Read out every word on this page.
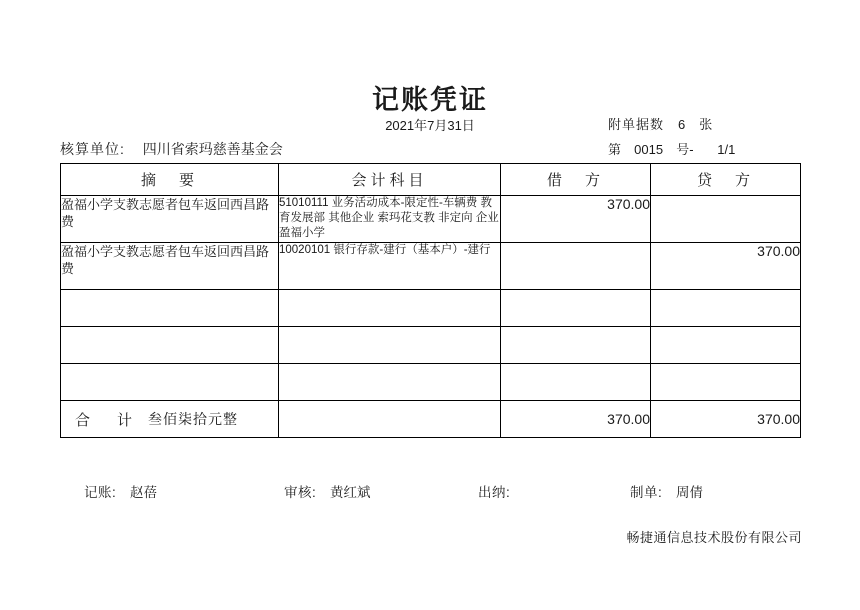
记账凭证
2021年7月31日	附单据数 6 张
核算单位: 四川省索玛慈善基金会	第 0015 号- 1/1
摘　要	会计科目	借　方	贷　方
盈福小学支教志愿者包车返回西昌路费	51010111 业务活动成本-限定性-车辆费 教育发展部 其他企业 索玛花支教 非定向 企业 盈福小学	370.00	
盈福小学支教志愿者包车返回西昌路费	10020101 银行存款-建行（基本户）-建行		370.00

合　计 叁佰柒拾元整		370.00	370.00
记账: 赵蓓	审核: 黄红斌	出纳:	制单: 周倩
畅捷通信息技术股份有限公司
